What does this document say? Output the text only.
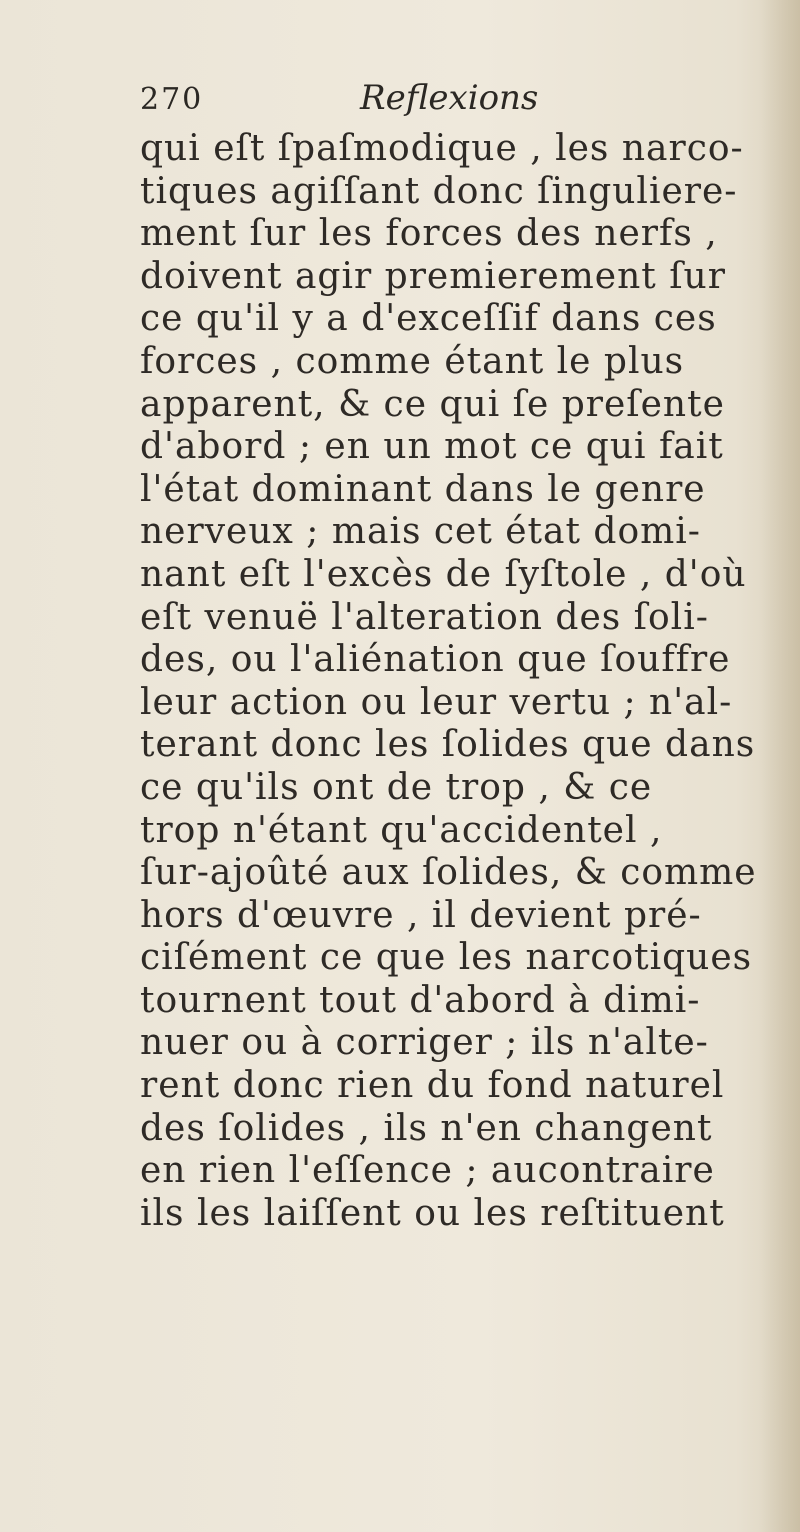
270	Reflexions
qui eſt ſpaſmodique , les narco-
tiques agiſſant donc ſinguliere-
ment ſur les forces des nerfs ,
doivent agir premierement ſur
ce qu'il y a d'exceſſif dans ces
forces , comme étant le plus
apparent, & ce qui ſe preſente
d'abord ; en un mot ce qui fait
l'état dominant dans le genre
nerveux ; mais cet état domi-
nant eſt l'excès de ſyſtole , d'où
eſt venuë l'alteration des ſoli-
des, ou l'aliénation que ſouffre
leur action ou leur vertu ; n'al-
terant donc les ſolides que dans
ce qu'ils ont de trop , & ce
trop n'étant qu'accidentel ,
ſur-ajoûté aux ſolides, & comme
hors d'œuvre , il devient pré-
ciſément ce que les narcotiques
tournent tout d'abord à dimi-
nuer ou à corriger ; ils n'alte-
rent donc rien du fond naturel
des ſolides , ils n'en changent
en rien l'eſſence ; aucontraire
ils les laiſſent ou les reſtituent
